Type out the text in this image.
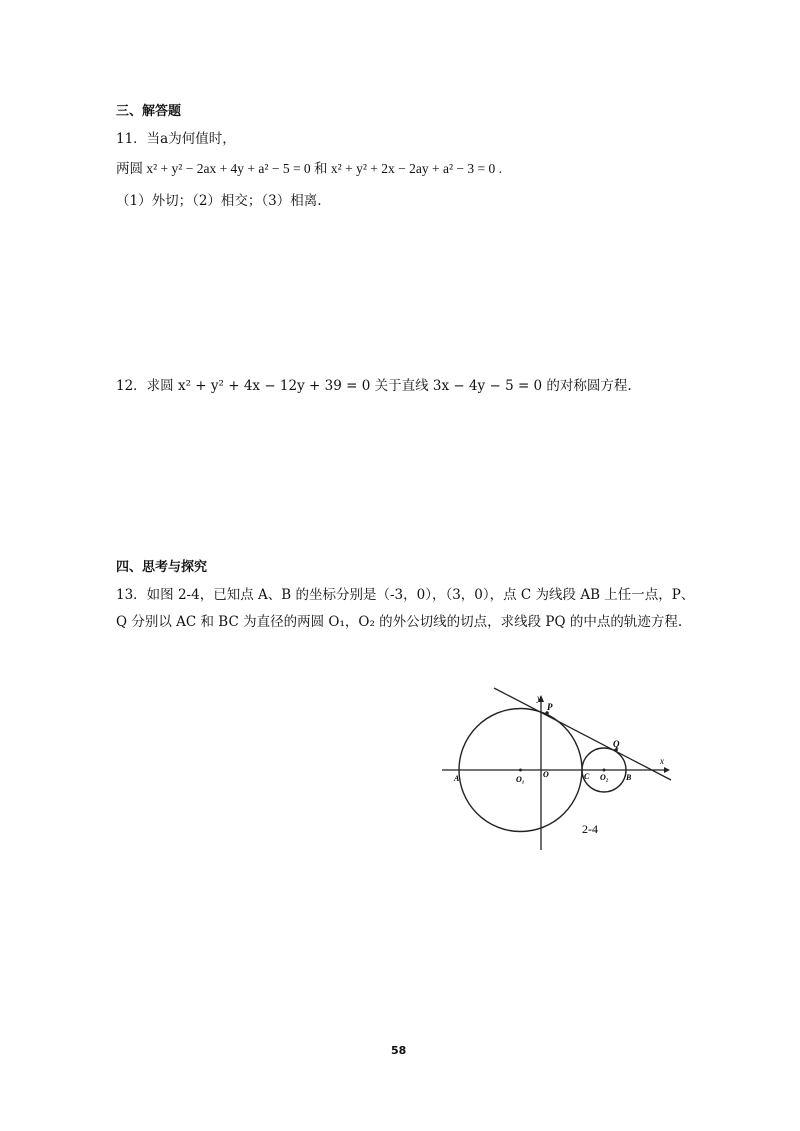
三、解答题
11．当a为何值时，
两圆 x² + y² − 2ax + 4y + a² − 5 = 0 和 x² + y² + 2x − 2ay + a² − 3 = 0 .
（1）外切；（2）相交；（3）相离.
12．求圆 x² + y² + 4x − 12y + 39 = 0 关于直线 3x − 4y − 5 = 0 的对称圆方程.
四、思考与探究
13．如图 2-4，已知点 A、B 的坐标分别是（-3，0），（3，0），点 C 为线段 AB 上任一点，P、
Q 分别以 AC 和 BC 为直径的两圆 O₁，O₂ 的外公切线的切点，求线段 PQ 的中点的轨迹方程.
y
x
P
Q
A	O₁
O	C O₂ B
2-4
58
